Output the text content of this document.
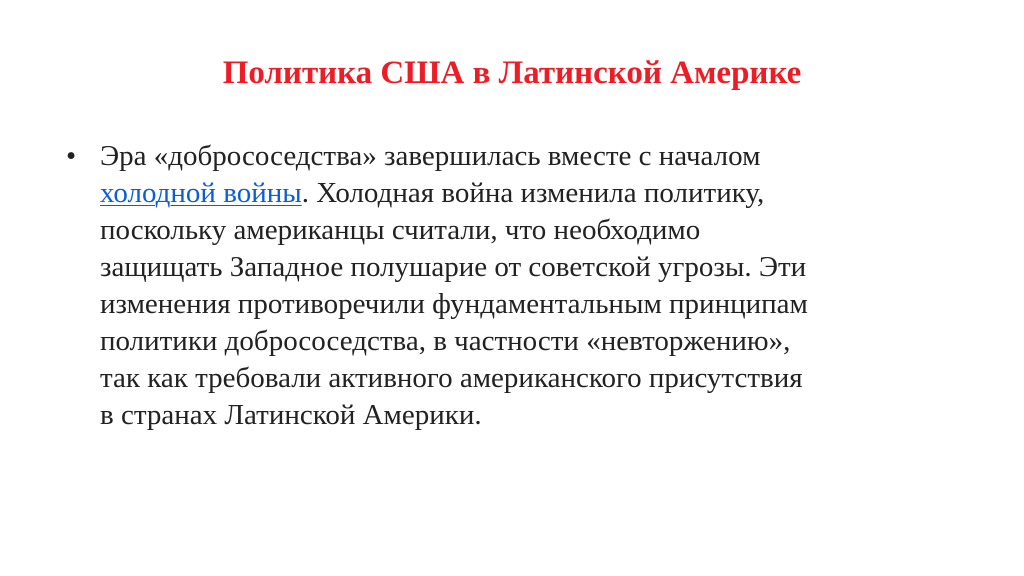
Политика США в Латинской Америке
• Эра «добрососедства» завершилась вместе с началом
холодной войны. Холодная война изменила политику,
поскольку американцы считали, что необходимо
защищать Западное полушарие от советской угрозы. Эти
изменения противоречили фундаментальным принципам
политики добрососедства, в частности «невторжению»,
так как требовали активного американского присутствия
в странах Латинской Америки.
